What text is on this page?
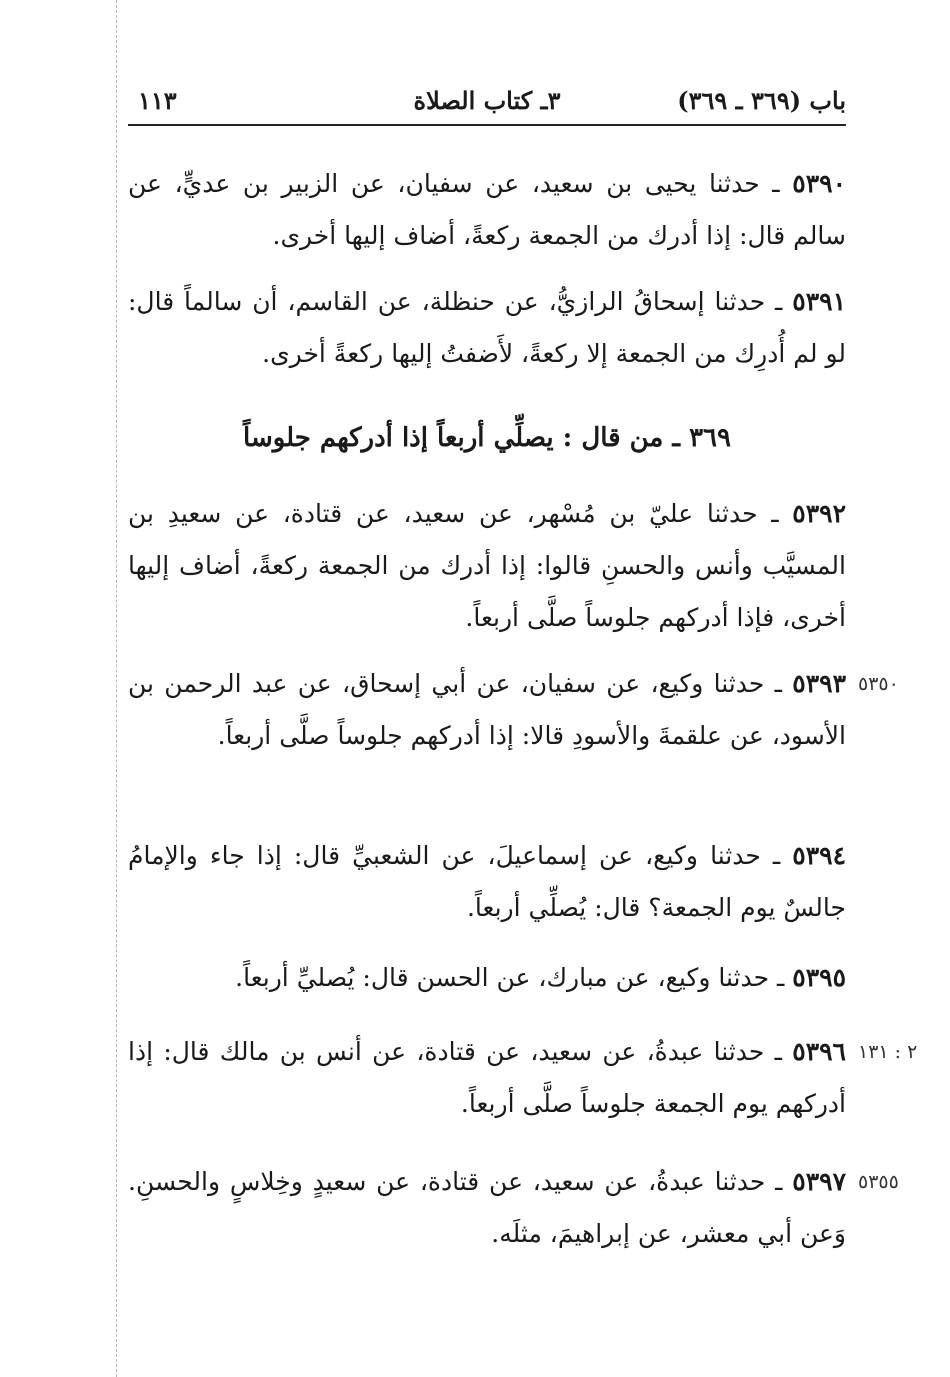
باب (٣٦٩ ـ ٣٦٩)
٣ـ كتاب الصلاة
١١٣
٥٣٩٠ ـ حدثنا يحيى بن سعيد، عن سفيان، عن الزبير بن عديٍّ، عن سالم قال: إذا أدرك من الجمعة ركعةً، أضاف إليها أخرى.
٥٣٩١ ـ حدثنا إسحاقُ الرازيُّ، عن حنظلة، عن القاسم، أن سالماً قال: لو لم أُدرِك من الجمعة إلا ركعةً، لأَضفتُ إليها ركعةً أخرى.
٣٦٩ ـ من قال : يصلِّي أربعاً إذا أدركهم جلوساً
٥٣٩٢ ـ حدثنا عليّ بن مُسْهر، عن سعيد، عن قتادة، عن سعيدِ بن المسيَّب وأنس والحسنِ قالوا: إذا أدرك من الجمعة ركعةً، أضاف إليها أخرى، فإذا أدركهم جلوساً صلَّى أربعاً.
٥٣٥٠
٥٣٩٣ ـ حدثنا وكيع، عن سفيان، عن أبي إسحاق، عن عبد الرحمن بن الأسود، عن علقمةَ والأسودِ قالا: إذا أدركهم جلوساً صلَّى أربعاً.
٥٣٩٤ ـ حدثنا وكيع، عن إسماعيلَ، عن الشعبيِّ قال: إذا جاء والإمامُ جالسٌ يوم الجمعة؟ قال: يُصلِّي أربعاً.
٥٣٩٥ ـ حدثنا وكيع، عن مبارك، عن الحسن قال: يُصليِّ أربعاً.
٢ : ١٣١
٥٣٩٦ ـ حدثنا عبدةُ، عن سعيد، عن قتادة، عن أنس بن مالك قال: إذا أدركهم يوم الجمعة جلوساً صلَّى أربعاً.
٥٣٥٥
٥٣٩٧ ـ حدثنا عبدةُ، عن سعيد، عن قتادة، عن سعيدٍ وخِلاسٍ والحسنِ. وَعن أبي معشر، عن إبراهيمَ، مثلَه.
